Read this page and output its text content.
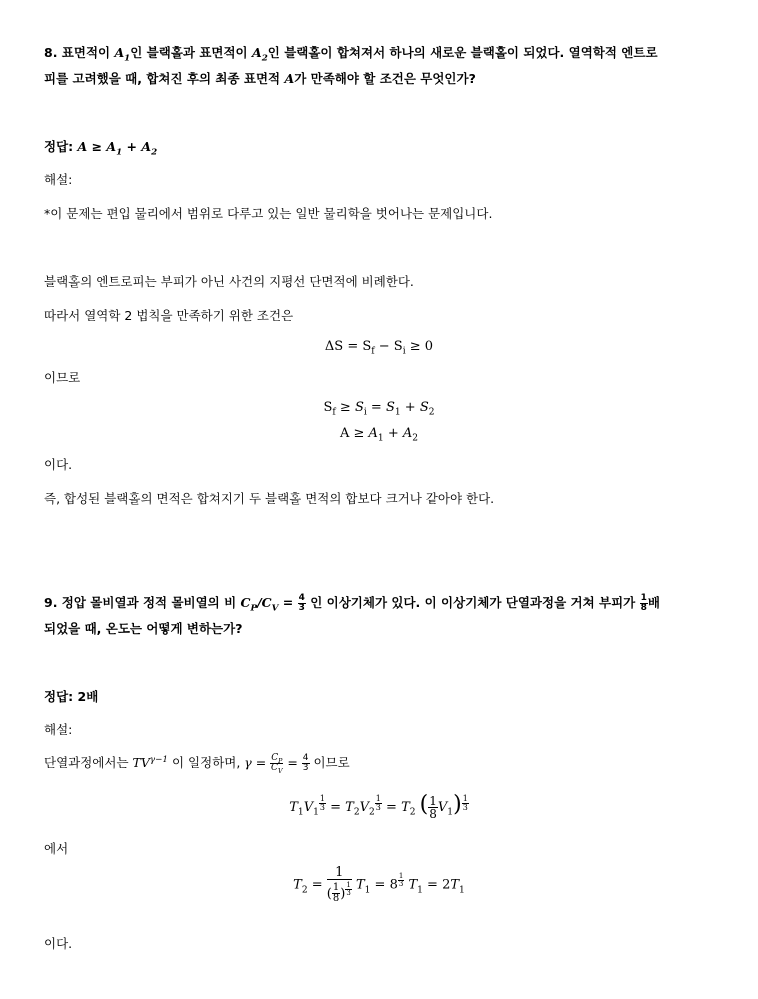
8. 표면적이 $A_1$인 블랙홀과 표면적이 $A_2$인 블랙홀이 합쳐져서 하나의 새로운 블랙홀이 되었다. 열역학적 엔트로
피를 고려했을 때, 합쳐진 후의 최종 표면적 A가 만족해야 할 조건은 무엇인가?
정답: $A \ge A_1 + A_2$
해설:
*이 문제는 편입 물리에서 범위로 다루고 있는 일반 물리학을 벗어나는 문제입니다.
블랙홀의 엔트로피는 부피가 아닌 사건의 지평선 단면적에 비례한다.
따라서 열역학 2 법칙을 만족하기 위한 조건은
$\Delta S = S_f - S_i \ge 0$
이므로
$S_f \ge S_i = S_1 + S_2$
$A \ge A_1 + A_2$
이다.
즉, 합성된 블랙홀의 면적은 합쳐지기 두 블랙홀 면적의 합보다 크거나 같아야 한다.
9. 정압 몰비열과 정적 몰비열의 비 $C_P/C_V = \frac{4}{3}$ 인 이상기체가 있다. 이 이상기체가 단열과정을 거쳐 부피가 $\frac{1}{8}$ 배
되었을 때, 온도는 어떻게 변하는가?
정답: 2배
해설:
단열과정에서는 $TV^{\gamma-1}$ 이 일정하며, $\gamma = \frac{C_P}{C_V} = \frac{4}{3}$ 이므로
$T_1V_1$
$^{\frac{1}{3}} = T_2V_2$
$^{\frac{1}{3}} = T_2$ ( $\frac{1}{8} V_1$) $^{\frac{1}{3}}$
에서
$T_2 = 1$
( $\frac{1}{8}$ ) $^{\frac{1}{3}}$ $T_1 = 8$ $^{\frac{1}{3}}$ $T_1 = 2T_1$
이다.
